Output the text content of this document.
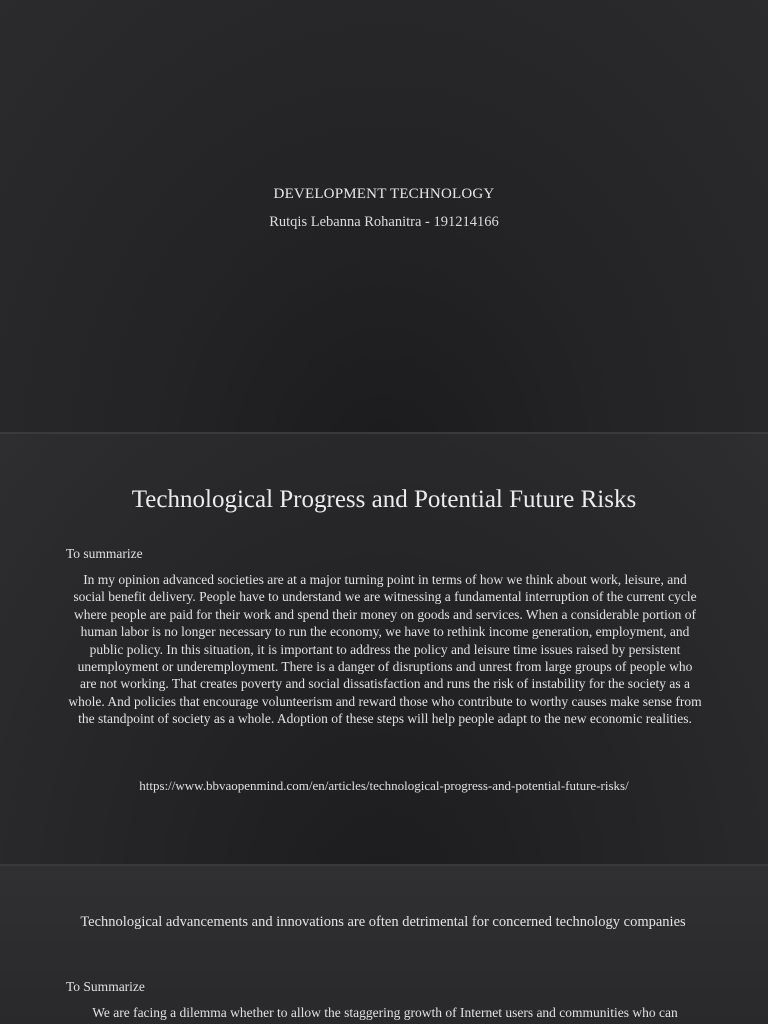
DEVELOPMENT TECHNOLOGY
Rutqis Lebanna Rohanitra - 191214166
Technological Progress and Potential Future Risks
To summarize
In my opinion advanced societies are at a major turning point in terms of how we think about work, leisure, and social benefit delivery. People have to understand we are witnessing a fundamental interruption of the current cycle where people are paid for their work and spend their money on goods and services. When a considerable portion of human labor is no longer necessary to run the economy, we have to rethink income generation, employment, and public policy. In this situation, it is important to address the policy and leisure time issues raised by persistent unemployment or underemployment. There is a danger of disruptions and unrest from large groups of people who are not working. That creates poverty and social dissatisfaction and runs the risk of instability for the society as a whole. And policies that encourage volunteerism and reward those who contribute to worthy causes make sense from the standpoint of society as a whole. Adoption of these steps will help people adapt to the new economic realities.
https://www.bbvaopenmind.com/en/articles/technological-progress-and-potential-future-risks/
Technological advancements and innovations are often detrimental for concerned technology companies
To Summarize
We are facing a dilemma whether to allow the staggering growth of Internet users and communities who can
